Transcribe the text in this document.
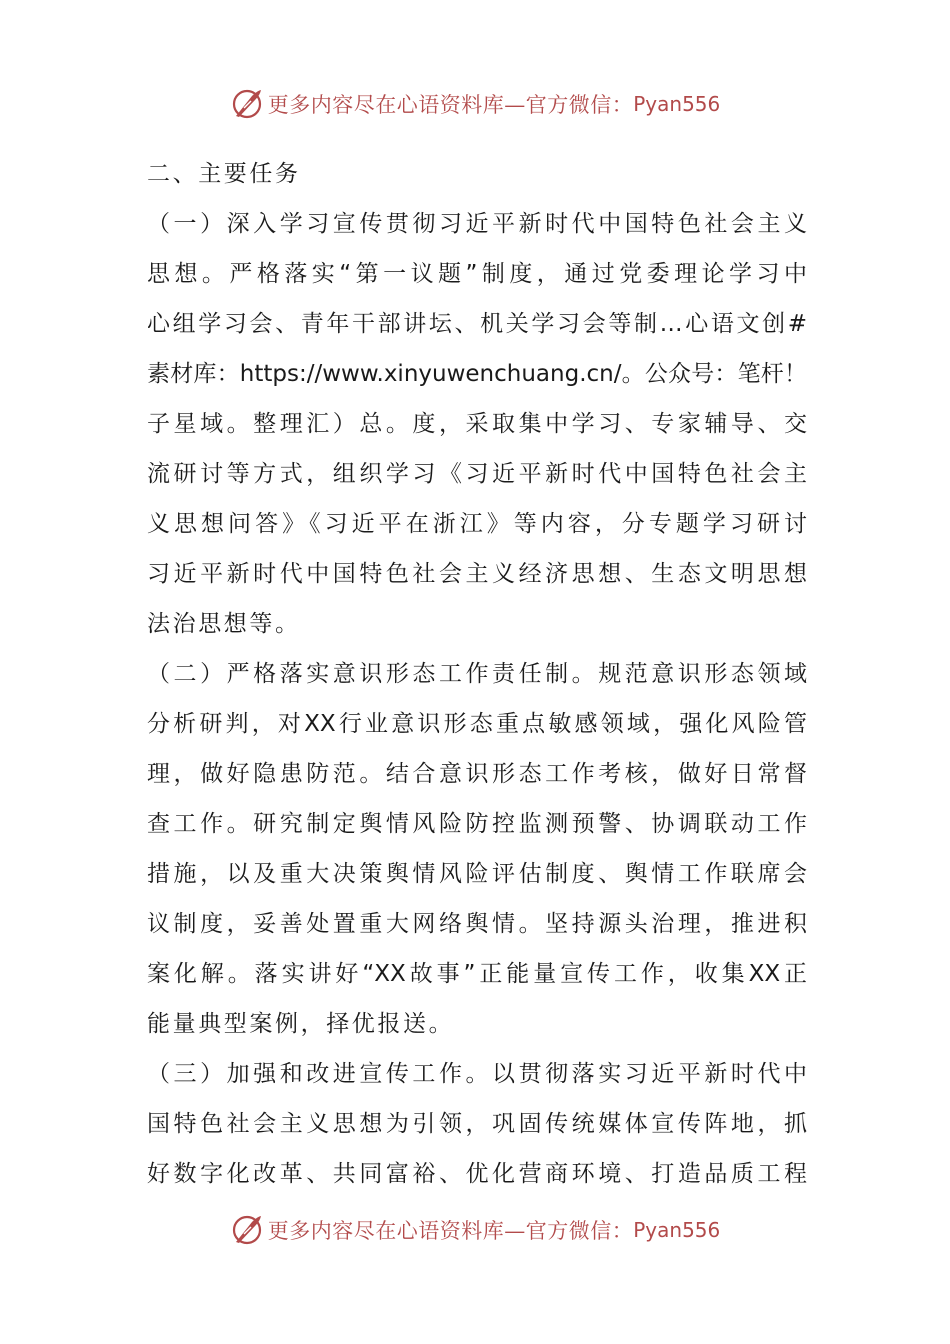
更多内容尽在心语资料库—官方微信： Pyan556
二、主要任务
（一）深入学习宣传贯彻习近平新时代中国特色社会主义
思想。严格落实“第一议题”制度，通过党委理论学习中
心组学习会、青年干部讲坛、机关学习会等制…心语文创#
素材库：https://www.xinyuwenchuang.cn/。公众号：笔杆！
子星域。整理汇）总。度，采取集中学习、专家辅导、交
流研讨等方式，组织学习《习近平新时代中国特色社会主
义思想问答》《习近平在浙江》等内容，分专题学习研讨
习近平新时代中国特色社会主义经济思想、生态文明思想
法治思想等。
（二）严格落实意识形态工作责任制。规范意识形态领域
分析研判，对XX行业意识形态重点敏感领域，强化风险管
理，做好隐患防范。结合意识形态工作考核，做好日常督
查工作。研究制定舆情风险防控监测预警、协调联动工作
措施，以及重大决策舆情风险评估制度、舆情工作联席会
议制度，妥善处置重大网络舆情。坚持源头治理，推进积
案化解。落实讲好“XX故事”正能量宣传工作，收集XX正
能量典型案例，择优报送。
（三）加强和改进宣传工作。以贯彻落实习近平新时代中
国特色社会主义思想为引领，巩固传统媒体宣传阵地，抓
好数字化改革、共同富裕、优化营商环境、打造品质工程
更多内容尽在心语资料库—官方微信： Pyan556
